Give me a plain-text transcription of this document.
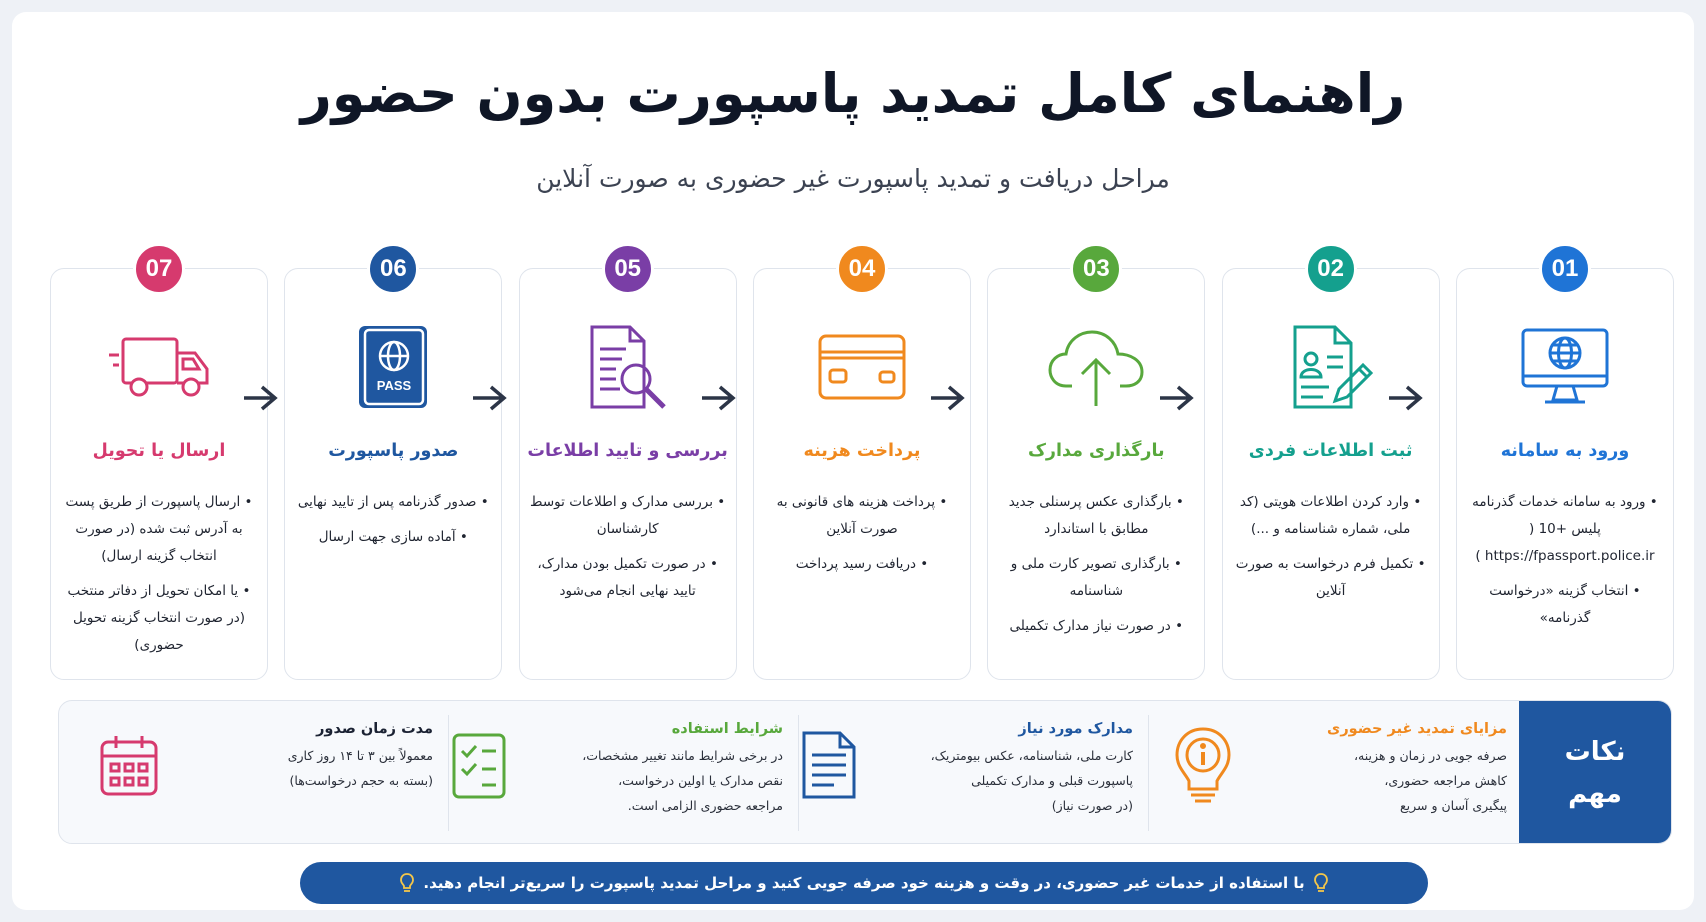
راهنمای کامل تمدید پاسپورت بدون حضور
مراحل دریافت و تمدید پاسپورت غیر حضوری به صورت آنلاین
01
ورود به سامانه
• ورود به سامانه خدمات گذرنامه پلیس +10 ( https://fpassport.police.ir )
• انتخاب گزینه «درخواست گذرنامه»
02
ثبت اطلاعات فردی
• وارد کردن اطلاعات هویتی (کد ملی، شماره شناسنامه و ...)
• تکمیل فرم درخواست به صورت آنلاین
03
بارگذاری مدارک
• بارگذاری عکس پرسنلی جدید مطابق با استاندارد
• بارگذاری تصویر کارت ملی و شناسنامه
• در صورت نیاز مدارک تکمیلی
04
پرداخت هزینه
• پرداخت هزینه های قانونی به صورت آنلاین
• دریافت رسید پرداخت
05
بررسی و تایید اطلاعات
• بررسی مدارک و اطلاعات توسط کارشناسان
• در صورت تکمیل بودن مدارک، تایید نهایی انجام می‌شود
06
PASS
صدور پاسپورت
• صدور گذرنامه پس از تایید نهایی
• آماده سازی جهت ارسال
07
ارسال یا تحویل
• ارسال پاسپورت از طریق پست به آدرس ثبت شده (در صورت انتخاب گزینه ارسال)
• یا امکان تحویل از دفاتر منتخب (در صورت انتخاب گزینه تحویل حضوری)
نکات
مهم
مزایای تمدید غیر حضوری
صرفه جویی در زمان و هزینه،
کاهش مراجعه حضوری،
پیگیری آسان و سریع
مدارک مورد نیاز
کارت ملی، شناسنامه، عکس بیومتریک،
پاسپورت قبلی و مدارک تکمیلی
(در صورت نیاز)
شرایط استفاده
در برخی شرایط مانند تغییر مشخصات،
نقص مدارک یا اولین درخواست،
مراجعه حضوری الزامی است.
مدت زمان صدور
معمولاً بین ۳ تا ۱۴ روز کاری
(بسته به حجم درخواست‌ها)
با استفاده از خدمات غیر حضوری، در وقت و هزینه خود صرفه جویی کنید و مراحل تمدید پاسپورت را سریع‌تر انجام دهید.
